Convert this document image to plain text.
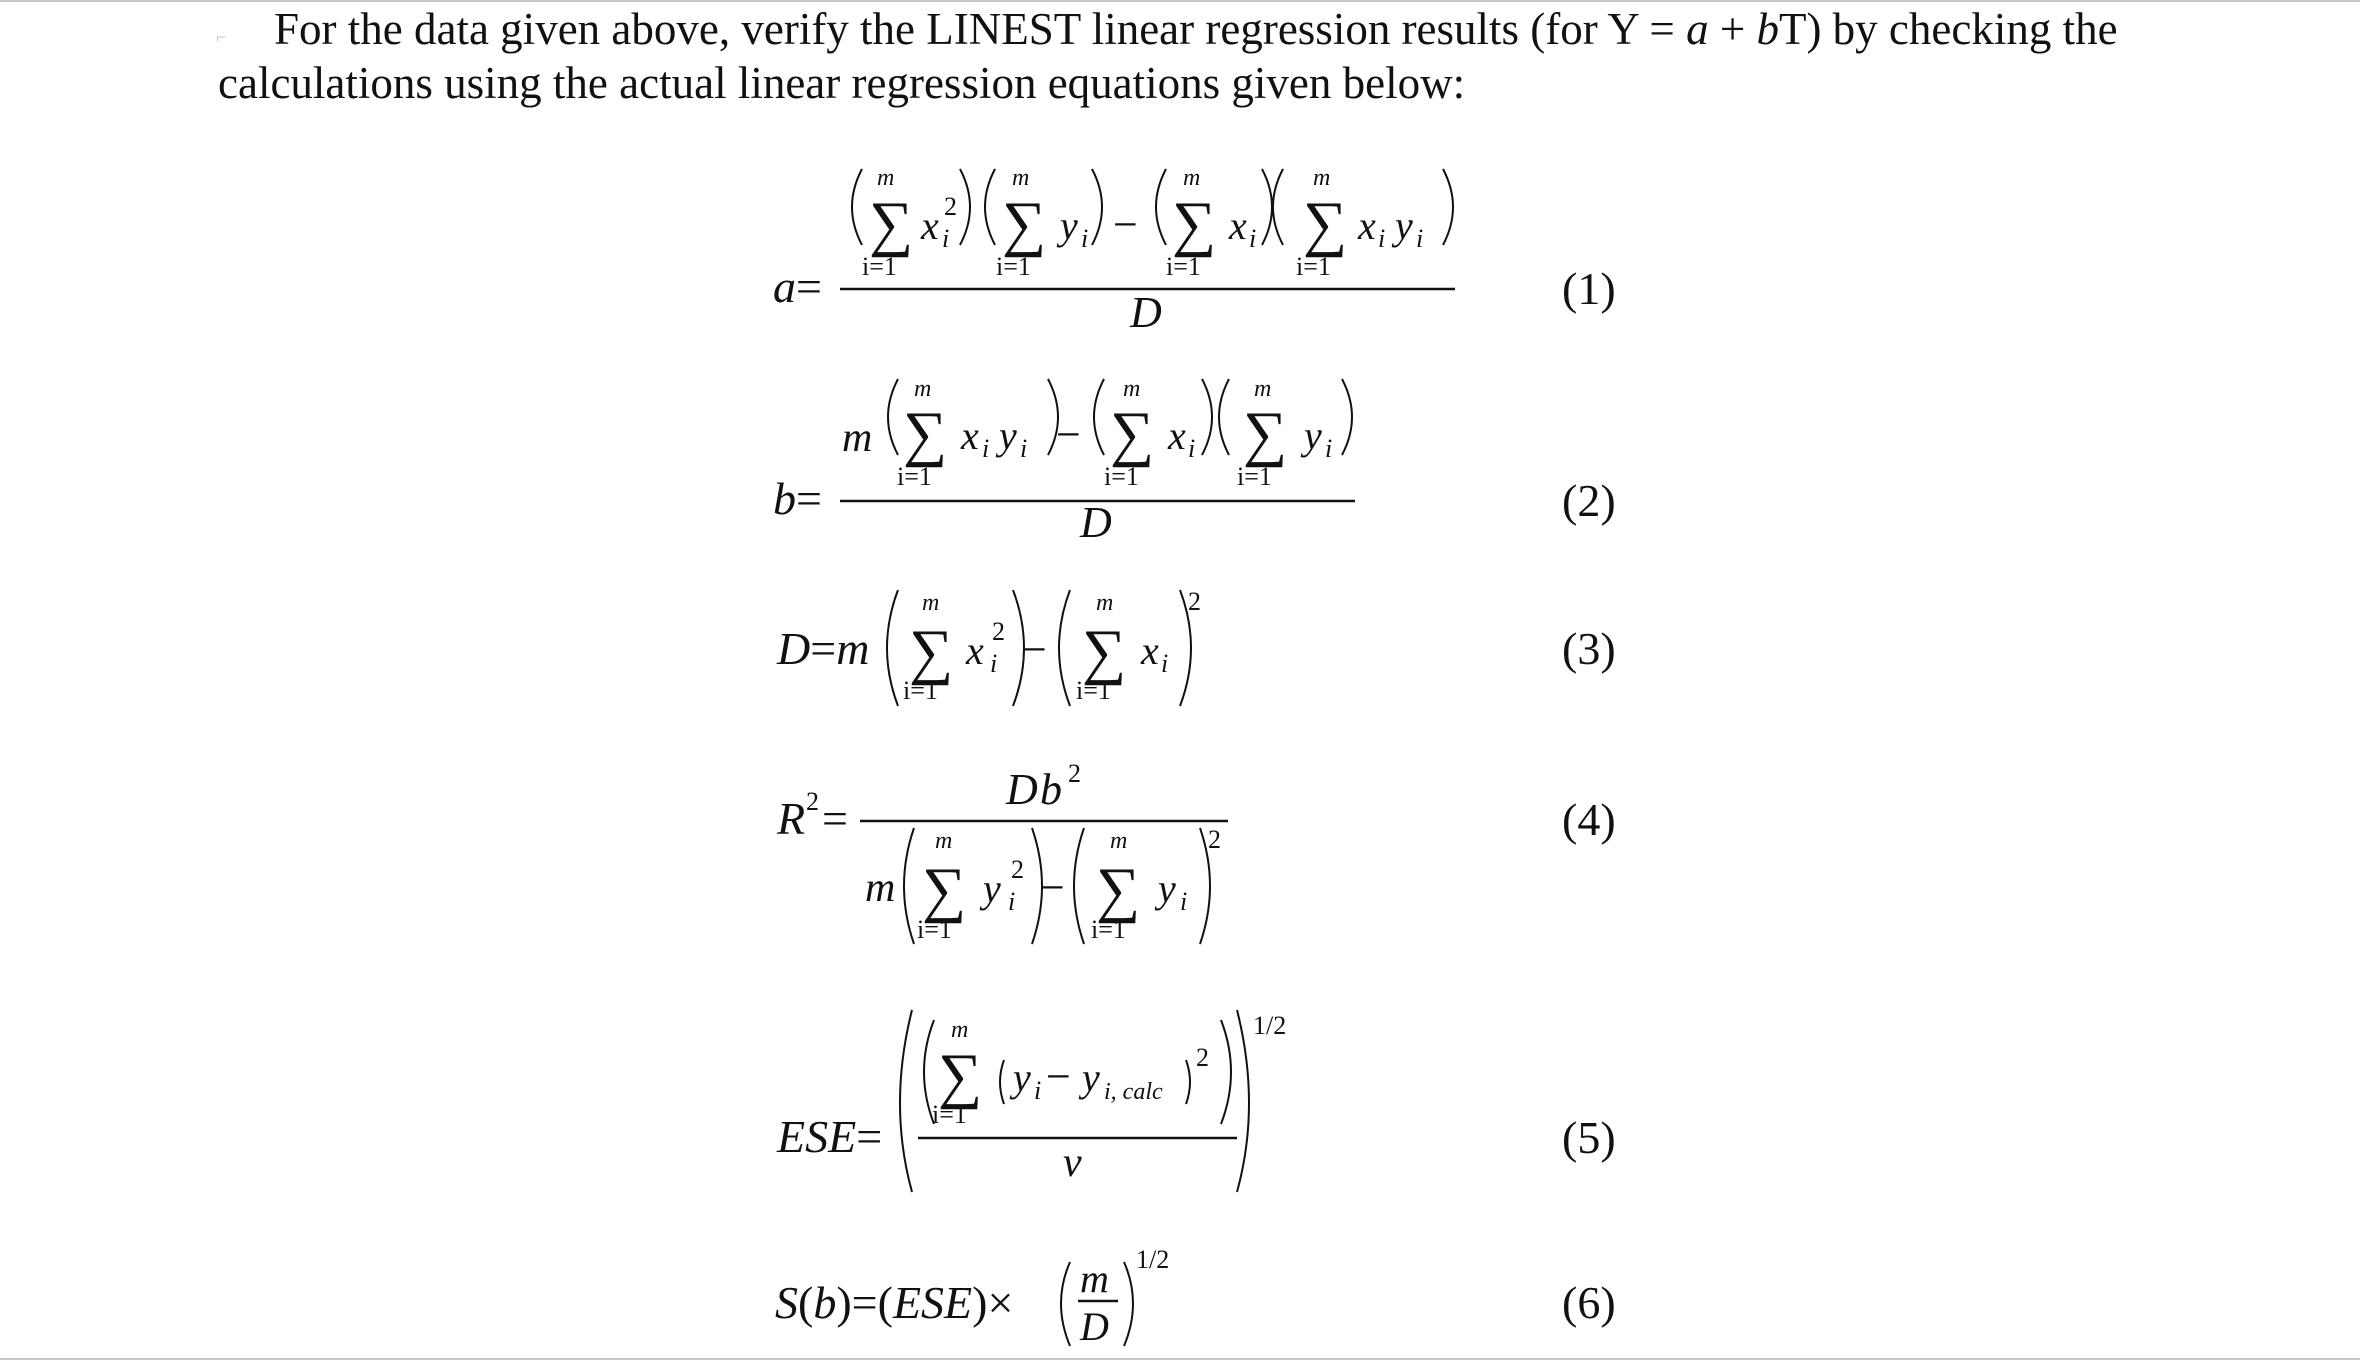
⌐ For the data given above, verify the LINEST linear regression results (for Y = a + bT) by checking the calculations using the actual linear regression equations given below:
a=
m
∑
i=1
x 2
i
m
∑
i=1
y i −
m
∑
i=1
x i
m
∑
i=1
x i y i
D
b=
m
m
∑
i=1
x i y i −
m
∑
i=1
x i
m
∑
i=1
y i
D
D=m
m
∑
i=1
x 2
i −
m
∑
i=1
x i
2
R 2 =
D b 2
m
m
∑
i=1
y 2
i −
m
∑
i=1
y i
2
ESE=
1/2
m
∑
i=1
y i − y i, calc
2
v
S(b)=(ESE)× m
D
1/2
(1)
(2)
(3)
(4)
(5)
(6)
